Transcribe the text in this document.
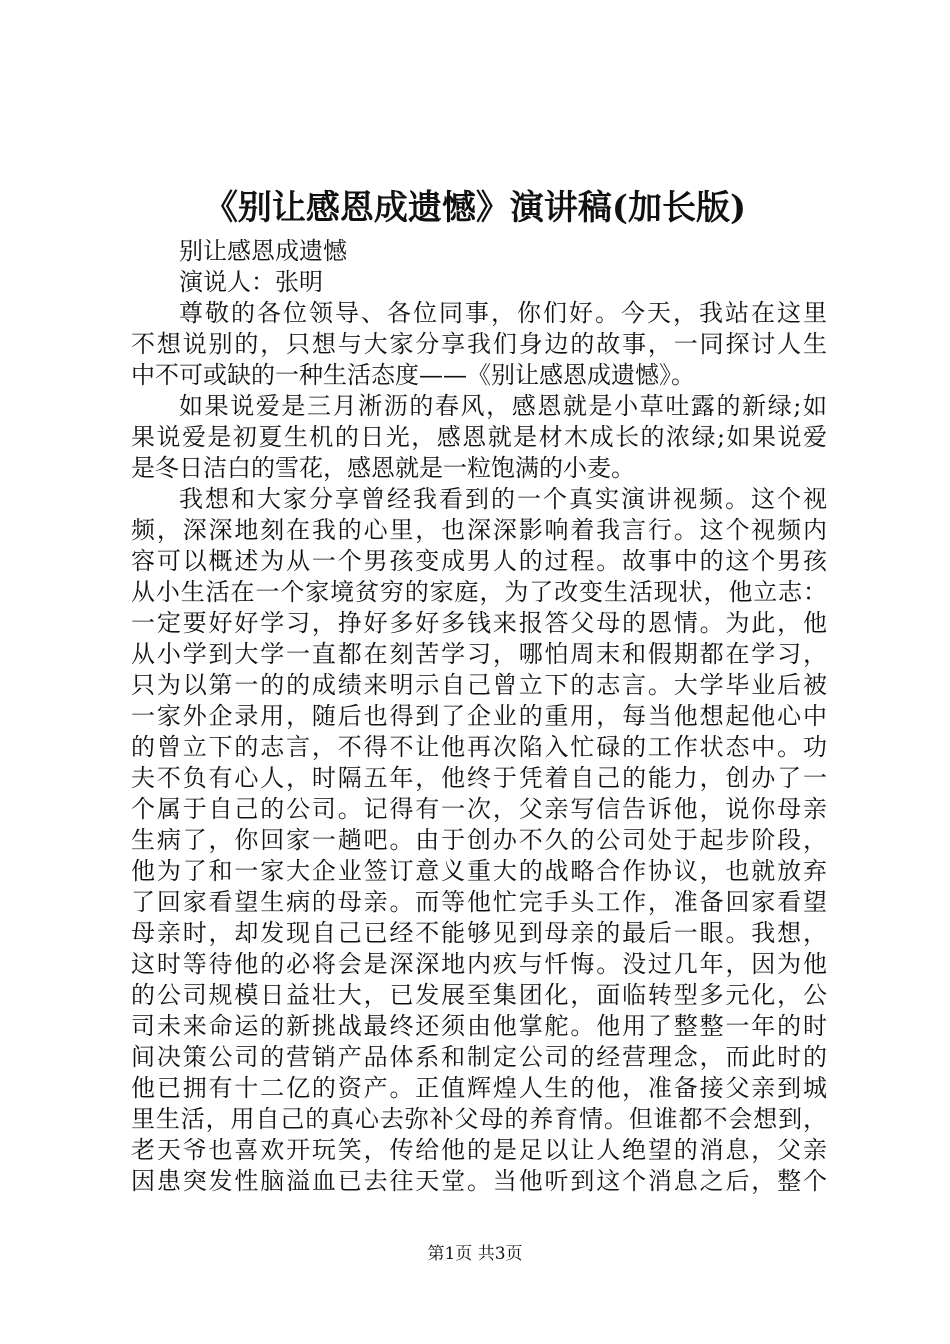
《别让感恩成遗憾》演讲稿(加长版)
别让感恩成遗憾
演说人：张明
尊敬的各位领导、各位同事，你们好。今天，我站在这里
不想说别的，只想与大家分享我们身边的故事，一同探讨人生
中不可或缺的一种生活态度——《别让感恩成遗憾》。
如果说爱是三月淅沥的春风，感恩就是小草吐露的新绿;如
果说爱是初夏生机的日光，感恩就是材木成长的浓绿;如果说爱
是冬日洁白的雪花，感恩就是一粒饱满的小麦。
我想和大家分享曾经我看到的一个真实演讲视频。这个视
频，深深地刻在我的心里，也深深影响着我言行。这个视频内
容可以概述为从一个男孩变成男人的过程。故事中的这个男孩
从小生活在一个家境贫穷的家庭，为了改变生活现状，他立志：
一定要好好学习，挣好多好多钱来报答父母的恩情。为此，他
从小学到大学一直都在刻苦学习，哪怕周末和假期都在学习，
只为以第一的的成绩来明示自己曾立下的志言。大学毕业后被
一家外企录用，随后也得到了企业的重用，每当他想起他心中
的曾立下的志言，不得不让他再次陷入忙碌的工作状态中。功
夫不负有心人，时隔五年，他终于凭着自己的能力，创办了一
个属于自己的公司。记得有一次，父亲写信告诉他，说你母亲
生病了，你回家一趟吧。由于创办不久的公司处于起步阶段，
他为了和一家大企业签订意义重大的战略合作协议，也就放弃
了回家看望生病的母亲。而等他忙完手头工作，准备回家看望
母亲时，却发现自己已经不能够见到母亲的最后一眼。我想，
这时等待他的必将会是深深地内疚与忏悔。没过几年，因为他
的公司规模日益壮大，已发展至集团化，面临转型多元化，公
司未来命运的新挑战最终还须由他掌舵。他用了整整一年的时
间决策公司的营销产品体系和制定公司的经营理念，而此时的
他已拥有十二亿的资产。正值辉煌人生的他，准备接父亲到城
里生活，用自己的真心去弥补父母的养育情。但谁都不会想到，
老天爷也喜欢开玩笑，传给他的是足以让人绝望的消息，父亲
因患突发性脑溢血已去往天堂。当他听到这个消息之后，整个
第1页 共3页
